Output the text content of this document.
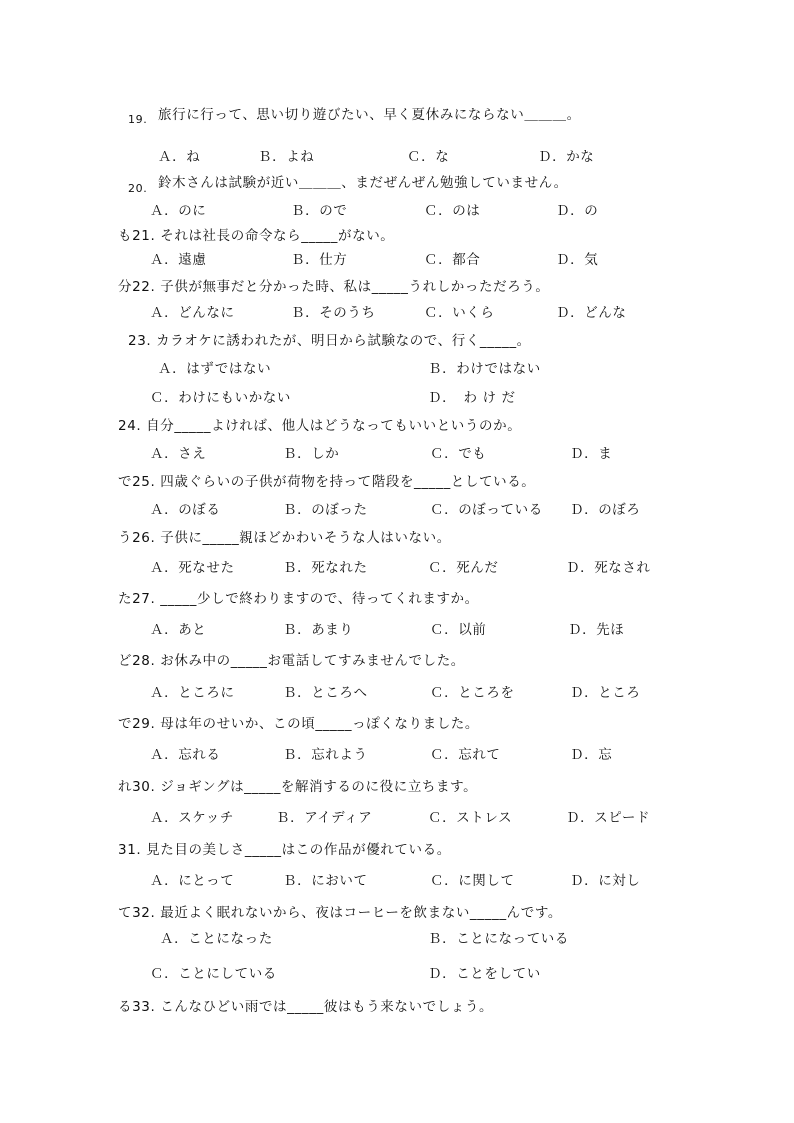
19. 旅行に行って、思い切り遊びたい、早く夏休みにならない＿＿＿。
Ａ．ね	Ｂ．よね	Ｃ．な	Ｄ．かな
20. 鈴木さんは試験が近い＿＿＿、まだぜんぜん勉強していません。
Ａ．のに	Ｂ．ので	Ｃ．のは	Ｄ．の
も21. それは社長の命令なら_____がない。
Ａ．遠慮	Ｂ．仕方	Ｃ．都合	Ｄ．気
分22. 子供が無事だと分かった時、私は_____うれしかっただろう。
Ａ．どんなに	Ｂ．そのうち	Ｃ．いくら	Ｄ．どんな
23. カラオケに誘われたが、明日から試験なので、行く_____。
Ａ．はずではない	Ｂ．わけではない
Ｃ．わけにもいかない	Ｄ．　わ け だ
24. 自分_____よければ、他人はどうなってもいいというのか。
Ａ．さえ	Ｂ．しか	Ｃ．でも	Ｄ．ま
で25. 四歳ぐらいの子供が荷物を持って階段を_____としている。
Ａ．のぼる	Ｂ．のぼった	Ｃ．のぼっている Ｄ．のぼろ
う26. 子供に_____親ほどかわいそうな人はいない。
Ａ．死なせた	Ｂ．死なれた	Ｃ．死んだ	Ｄ．死なされ
た27. _____少しで終わりますので、待ってくれますか。
Ａ．あと	Ｂ．あまり	Ｃ．以前	Ｄ．先ほ
ど28. お休み中の_____お電話してすみませんでした。
Ａ．ところに	Ｂ．ところへ	Ｃ．ところを	Ｄ．ところ
で29. 母は年のせいか、この頃_____っぽくなりました。
Ａ．忘れる	Ｂ．忘れよう	Ｃ．忘れて	Ｄ．忘
れ30. ジョギングは_____を解消するのに役に立ちます。
Ａ．スケッチ	Ｂ．アイディア	Ｃ．ストレス	Ｄ．スピード
31. 見た目の美しさ_____はこの作品が優れている。
Ａ．にとって	Ｂ．において	Ｃ．に関して	Ｄ．に対し
て32. 最近よく眠れないから、夜はコーヒーを飲まない_____んです。
Ａ．ことになった	Ｂ．ことになっている
Ｃ．ことにしている	Ｄ．ことをしてい
る33. こんなひどい雨では_____彼はもう来ないでしょう。
